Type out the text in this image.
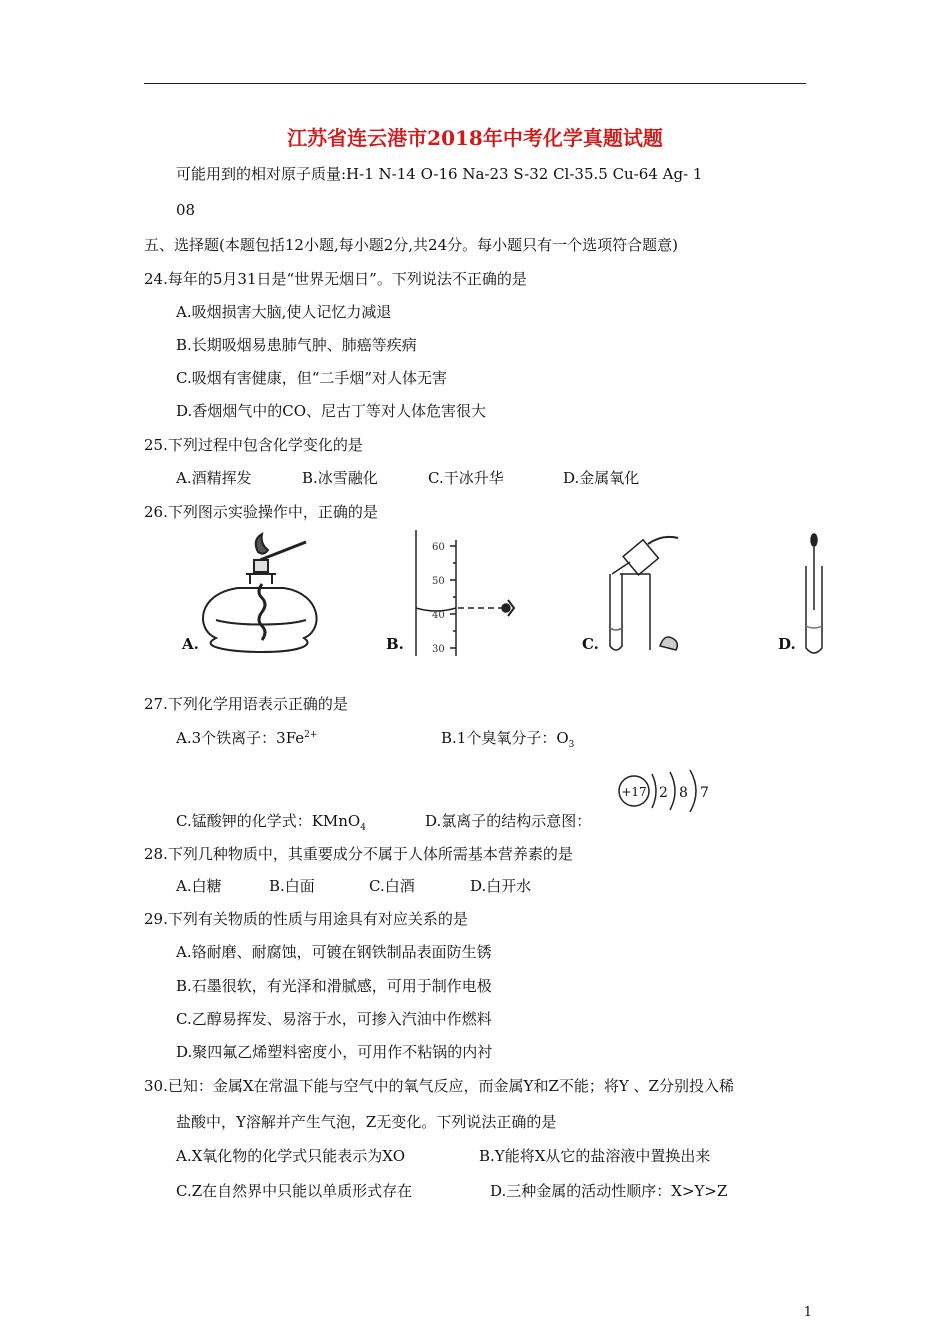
江苏省连云港市2018年中考化学真题试题
可能用到的相对原子质量:H-1 N-14 O-16 Na-23 S-32 Cl-35.5 Cu-64 Ag- 1
08
五、选择题(本题包括12小题,每小题2分,共24分。每小题只有一个选项符合题意)
24.每年的5月31日是“世界无烟日”。下列说法不正确的是
A.吸烟损害大脑,使人记忆力减退
B.长期吸烟易患肺气肿、肺癌等疾病
C.吸烟有害健康，但“二手烟”对人体无害
D.香烟烟气中的CO、尼古丁等对人体危害很大
25.下列过程中包含化学变化的是
A.酒精挥发	B.冰雪融化	C.干冰升华	D.金属氧化
26.下列图示实验操作中，正确的是
A.
60
50
40
30
B.	C.	D.
27.下列化学用语表示正确的是
A.3个铁离子：$3Fe^{2+}$	B.1个臭氧分子：$O_3$
+17 2 8 7
C.锰酸钾的化学式：KMnO$_4$	D.氯离子的结构示意图：
28.下列几种物质中，其重要成分不属于人体所需基本营养素的是
A.白糖	B.白面	C.白酒	D.白开水
29.下列有关物质的性质与用途具有对应关系的是
A.铬耐磨、耐腐蚀，可镀在钢铁制品表面防生锈
B.石墨很软，有光泽和滑腻感，可用于制作电极
C.乙醇易挥发、易溶于水，可掺入汽油中作燃料
D.聚四氟乙烯塑料密度小，可用作不粘锅的内衬
30.已知：金属X在常温下能与空气中的氧气反应，而金属Y和Z不能；将Y 、Z分别投入稀
盐酸中，Y溶解并产生气泡，Z无变化。下列说法正确的是
A.X氧化物的化学式只能表示为XO	B.Y能将X从它的盐溶液中置换出来
C.Z在自然界中只能以单质形式存在	D.三种金属的活动性顺序：X>Y>Z
1
